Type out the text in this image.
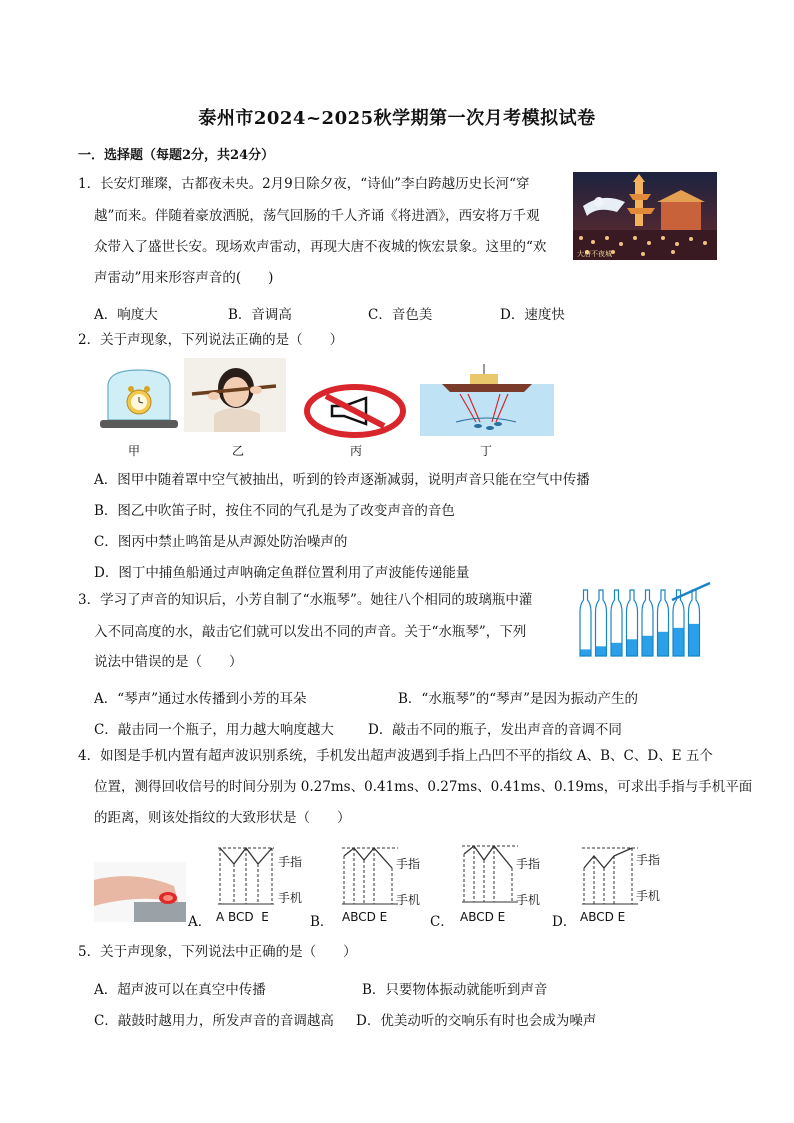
泰州市2024~2025秋学期第一次月考模拟试卷
一．选择题（每题2分，共24分）
1．长安灯璀璨，古都夜未央。2月9日除夕夜，“诗仙”李白跨越历史长河“穿
越”而来。伴随着豪放洒脱，荡气回肠的千人齐诵《将进酒》，西安将万千观
众带入了盛世长安。现场欢声雷动，再现大唐不夜城的恢宏景象。这里的“欢
声雷动”用来形容声音的(　　)
A．响度大	B．音调高	C．音色美	D．速度快
大唐不夜城
2．关于声现象，下列说法正确的是（　　）
甲	乙	丙	丁
A．图甲中随着罩中空气被抽出，听到的铃声逐渐减弱，说明声音只能在空气中传播
B．图乙中吹笛子时，按住不同的气孔是为了改变声音的音色
C．图丙中禁止鸣笛是从声源处防治噪声的
D．图丁中捕鱼船通过声呐确定鱼群位置利用了声波能传递能量
3．学习了声音的知识后，小芳自制了“水瓶琴”。她往八个相同的玻璃瓶中灌
入不同高度的水，敲击它们就可以发出不同的声音。关于“水瓶琴”，下列
说法中错误的是（　　）
A．“琴声”通过水传播到小芳的耳朵	B．“水瓶琴”的“琴声”是因为振动产生的
C．敲击同一个瓶子，用力越大响度越大	D．敲击不同的瓶子，发出声音的音调不同
4．如图是手机内置有超声波识别系统，手机发出超声波遇到手指上凸凹不平的指纹 A、B、C、D、E 五个
位置，测得回收信号的时间分别为 0.27ms、0.41ms、0.27ms、0.41ms、0.19ms，可求出手指与手机平面
的距离，则该处指纹的大致形状是（　　）
A．	B．	C．	D．
手指
手机
A BCD  E
手指
手机
ABCD E
手指
手机
ABCD E
手指
手机
ABCD E
5．关于声现象，下列说法中正确的是（　　）
A．超声波可以在真空中传播	B．只要物体振动就能听到声音
C．敲鼓时越用力，所发声音的音调越高 D．优美动听的交响乐有时也会成为噪声
